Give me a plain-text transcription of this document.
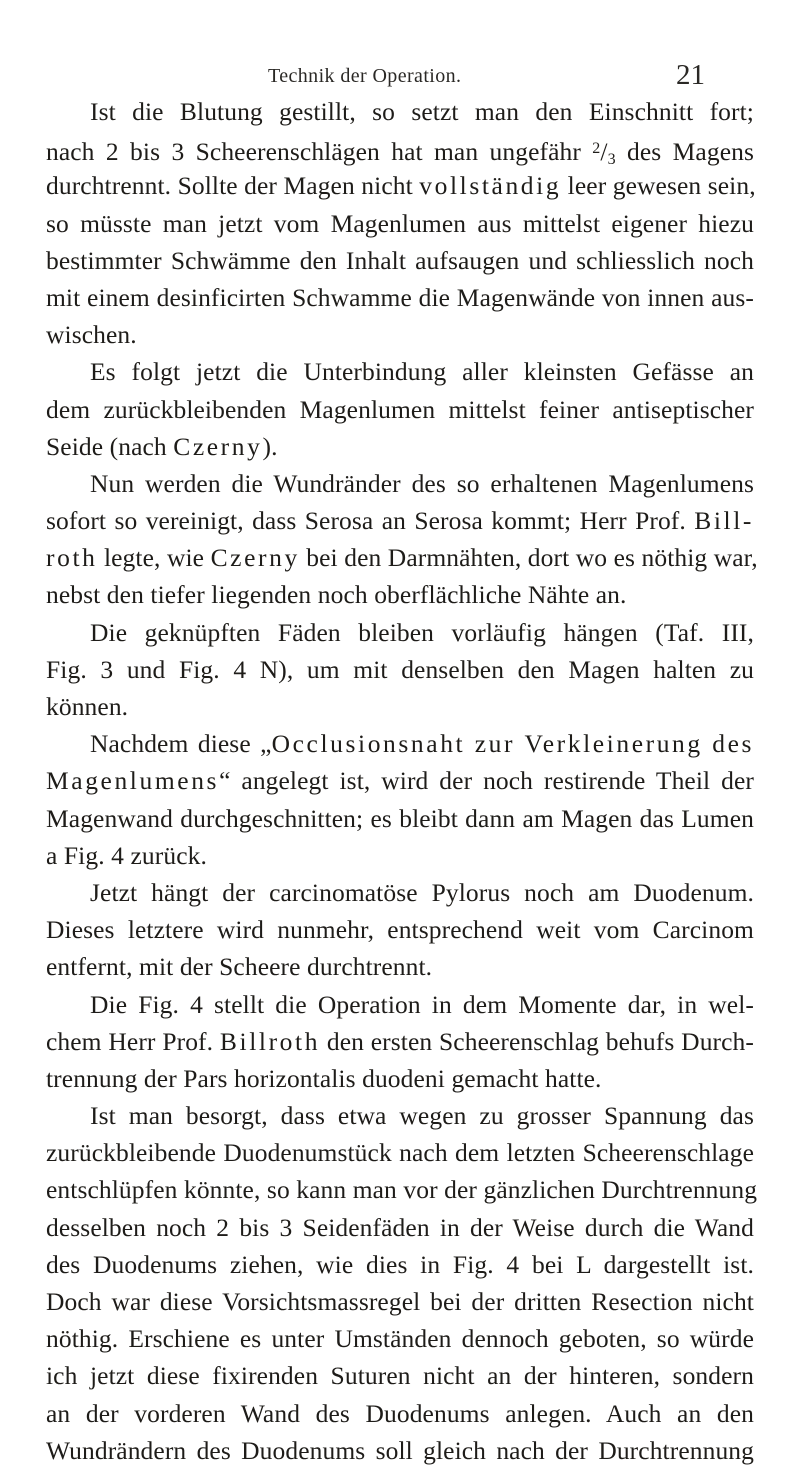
Technik der Operation.	21
Ist die Blutung gestillt, so setzt man den Einschnitt fort;
nach 2 bis 3 Scheerenschlägen hat man ungefähr $^2$/3 des Magens
durchtrennt. Sollte der Magen nicht vollständig leer gewesen sein,
so müsste man jetzt vom Magenlumen aus mittelst eigener hiezu
bestimmter Schwämme den Inhalt aufsaugen und schliesslich noch
mit einem desinficirten Schwamme die Magenwände von innen aus-
wischen.
Es folgt jetzt die Unterbindung aller kleinsten Gefässe an
dem zurückbleibenden Magenlumen mittelst feiner antiseptischer
Seide (nach Czerny).
Nun werden die Wundränder des so erhaltenen Magenlumens
sofort so vereinigt, dass Serosa an Serosa kommt; Herr Prof. Bill-
roth legte, wie Czerny bei den Darmnähten, dort wo es nöthig war,
nebst den tiefer liegenden noch oberflächliche Nähte an.
Die geknüpften Fäden bleiben vorläufig hängen (Taf. III,
Fig. 3 und Fig. 4 N), um mit denselben den Magen halten zu
können.
Nachdem diese „Occlusionsnaht zur Verkleinerung des
Magenlumens“ angelegt ist, wird der noch restirende Theil der
Magenwand durchgeschnitten; es bleibt dann am Magen das Lumen
a Fig. 4 zurück.
Jetzt hängt der carcinomatöse Pylorus noch am Duodenum.
Dieses letztere wird nunmehr, entsprechend weit vom Carcinom
entfernt, mit der Scheere durchtrennt.
Die Fig. 4 stellt die Operation in dem Momente dar, in wel-
chem Herr Prof. Billroth den ersten Scheerenschlag behufs Durch-
trennung der Pars horizontalis duodeni gemacht hatte.
Ist man besorgt, dass etwa wegen zu grosser Spannung das
zurückbleibende Duodenumstück nach dem letzten Scheerenschlage
entschlüpfen könnte, so kann man vor der gänzlichen Durchtrennung
desselben noch 2 bis 3 Seidenfäden in der Weise durch die Wand
des Duodenums ziehen, wie dies in Fig. 4 bei L dargestellt ist.
Doch war diese Vorsichtsmassregel bei der dritten Resection nicht
nöthig. Erschiene es unter Umständen dennoch geboten, so würde
ich jetzt diese fixirenden Suturen nicht an der hinteren, sondern
an der vorderen Wand des Duodenums anlegen. Auch an den
Wundrändern des Duodenums soll gleich nach der Durchtrennung
